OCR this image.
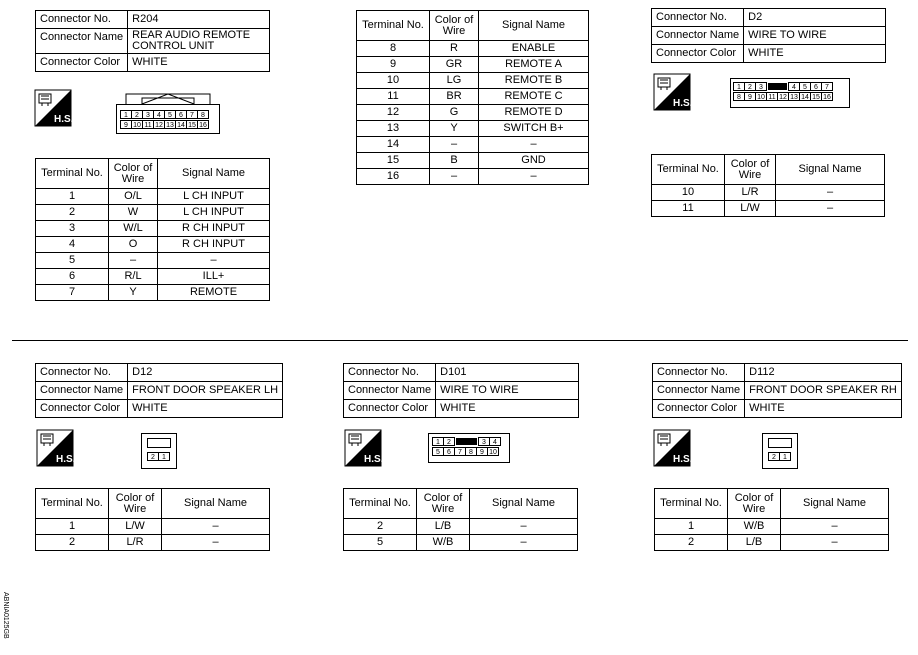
Connector No.	R204
Connector Name	REAR AUDIO REMOTE
CONTROL UNIT
Connector Color	WHITE
H.S.	1	2	3	4	5	6	7	8
9 10 11 12 13 14 15 16
Terminal No.	Color of
Wire	Signal Name
1	O/L	L CH INPUT
2	W	L CH INPUT
3	W/L	R CH INPUT
4	O	R CH INPUT
5	–	–
6	R/L	ILL+
7	Y	REMOTE
Terminal No.	Color of
Wire	Signal Name
8	R	ENABLE
9	GR	REMOTE A
10	LG	REMOTE B
11	BR	REMOTE C
12	G	REMOTE D
13	Y	SWITCH B+
14	–	–
15	B	GND
16	–	–
Connector No.	D2
Connector Name	WIRE TO WIRE
Connector Color	WHITE
H.S.
1	2	3	4	5	6	7
8	9 10 11 12 13 14 15 16
Terminal No.	Color of
Wire	Signal Name
10	L/R	–
11	L/W	–
Connector No.	D12
Connector Name	FRONT DOOR SPEAKER LH
Connector Color	WHITE
H.S.	2	1
Terminal No.	Color of
Wire	Signal Name
1	L/W	–
2	L/R	–
Connector No.	D101
Connector Name	WIRE TO WIRE
Connector Color	WHITE
H.S.
1	2	3	4
5	6	7	8	9 10
Terminal No.	Color of
Wire	Signal Name
2	L/B	–
5	W/B	–
Connector No.	D112
Connector Name	FRONT DOOR SPEAKER RH
Connector Color	WHITE
H.S.	2	1
Terminal No.	Color of
Wire	Signal Name
1	W/B	–
2	L/B	–
ABNIA0125GB
